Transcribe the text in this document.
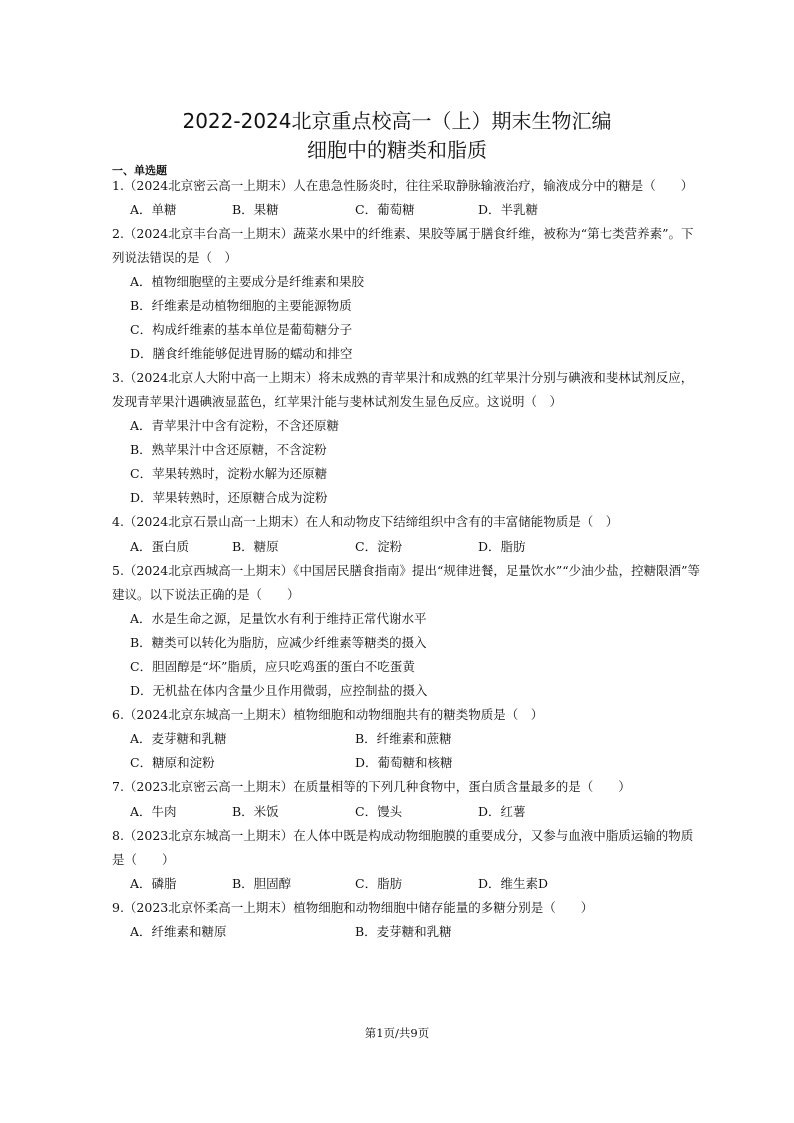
2022-2024北京重点校高一（上）期末生物汇编
细胞中的糖类和脂质
一、单选题
1.（2024北京密云高一上期末）人在患急性肠炎时，往往采取静脉输液治疗，输液成分中的糖是（　　）
A．单糖	B．果糖	C．葡萄糖	D．半乳糖
2.（2024北京丰台高一上期末）蔬菜水果中的纤维素、果胶等属于膳食纤维，被称为“第七类营养素”。下
列说法错误的是（　）
A．植物细胞壁的主要成分是纤维素和果胶
B．纤维素是动植物细胞的主要能源物质
C．构成纤维素的基本单位是葡萄糖分子
D．膳食纤维能够促进胃肠的蠕动和排空
3.（2024北京人大附中高一上期末）将未成熟的青苹果汁和成熟的红苹果汁分别与碘液和斐林试剂反应，
发现青苹果汁遇碘液显蓝色，红苹果汁能与斐林试剂发生显色反应。这说明（　）
A．青苹果汁中含有淀粉，不含还原糖
B．熟苹果汁中含还原糖，不含淀粉
C．苹果转熟时，淀粉水解为还原糖
D．苹果转熟时，还原糖合成为淀粉
4.（2024北京石景山高一上期末）在人和动物皮下结缔组织中含有的丰富储能物质是（　）
A．蛋白质	B．糖原	C．淀粉	D．脂肪
5.（2024北京西城高一上期末）《中国居民膳食指南》提出“规律进餐，足量饮水”“少油少盐，控糖限酒”等
建议。以下说法正确的是（　　）
A．水是生命之源，足量饮水有利于维持正常代谢水平
B．糖类可以转化为脂肪，应减少纤维素等糖类的摄入
C．胆固醇是“坏”脂质，应只吃鸡蛋的蛋白不吃蛋黄
D．无机盐在体内含量少且作用微弱，应控制盐的摄入
6.（2024北京东城高一上期末）植物细胞和动物细胞共有的糖类物质是（　）
A．麦芽糖和乳糖	B．纤维素和蔗糖
C．糖原和淀粉	D．葡萄糖和核糖
7.（2023北京密云高一上期末）在质量相等的下列几种食物中，蛋白质含量最多的是（　　）
A．牛肉	B．米饭	C．馒头	D．红薯
8.（2023北京东城高一上期末）在人体中既是构成动物细胞膜的重要成分，又参与血液中脂质运输的物质
是（　　）
A．磷脂	B．胆固醇	C．脂肪	D．维生素D
9.（2023北京怀柔高一上期末）植物细胞和动物细胞中储存能量的多糖分别是（　　）
A．纤维素和糖原	B．麦芽糖和乳糖
第1页/共9页
